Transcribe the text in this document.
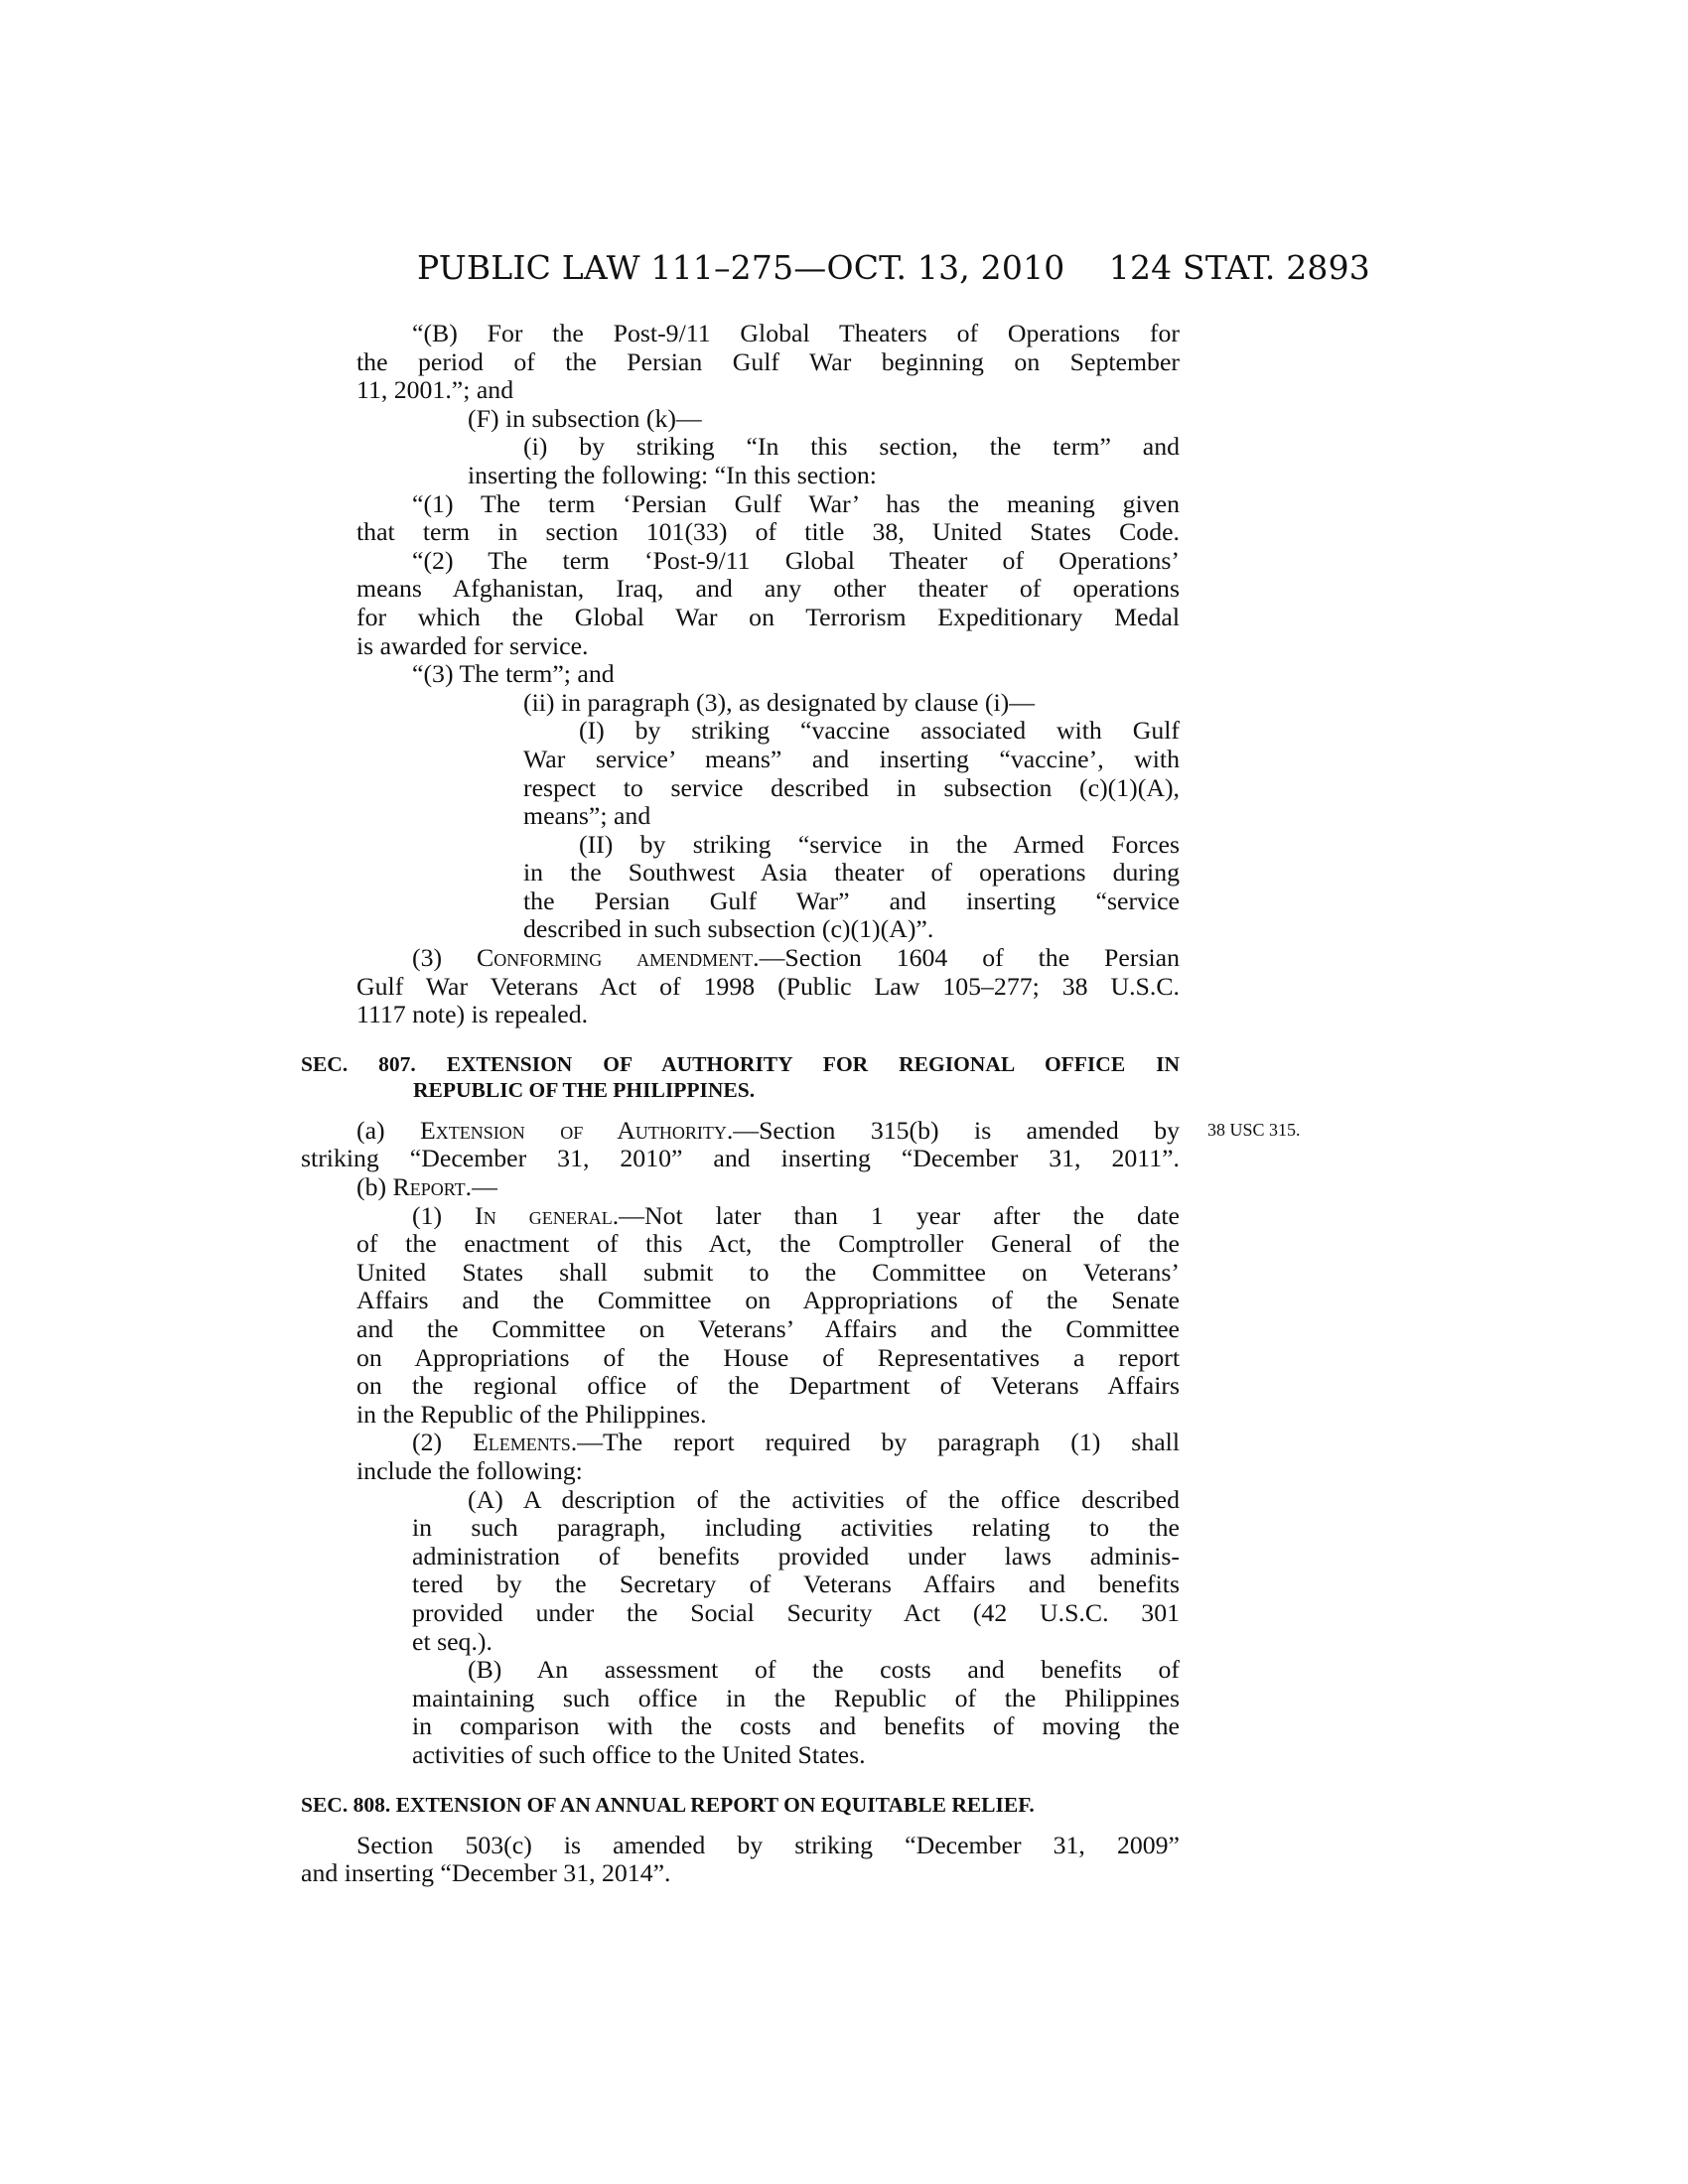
PUBLIC LAW 111–275—OCT. 13, 2010 124 STAT. 2893
38 USC 315.
“(B) For the Post-9/11 Global Theaters of Operations for
the period of the Persian Gulf War beginning on September
11, 2001.”; and
(F) in subsection (k)—
(i) by striking “In this section, the term” and
inserting the following: “In this section:
“(1) The term ‘Persian Gulf War’ has the meaning given
that term in section 101(33) of title 38, United States Code.
“(2) The term ‘Post-9/11 Global Theater of Operations’
means Afghanistan, Iraq, and any other theater of operations
for which the Global War on Terrorism Expeditionary Medal
is awarded for service.
“(3) The term”; and
(ii) in paragraph (3), as designated by clause (i)—
(I) by striking “vaccine associated with Gulf
War service’ means” and inserting “vaccine’, with
respect to service described in subsection (c)(1)(A),
means”; and
(II) by striking “service in the Armed Forces
in the Southwest Asia theater of operations during
the Persian Gulf War” and inserting “service
described in such subsection (c)(1)(A)”.
(3) Conforming amendment.—Section 1604 of the Persian
Gulf War Veterans Act of 1998 (Public Law 105–277; 38 U.S.C.
1117 note) is repealed.
SEC. 807. EXTENSION OF AUTHORITY FOR REGIONAL OFFICE IN
REPUBLIC OF THE PHILIPPINES.
(a) Extension of Authority.—Section 315(b) is amended by
striking “December 31, 2010” and inserting “December 31, 2011”.
(b) Report.—
(1) In general.—Not later than 1 year after the date
of the enactment of this Act, the Comptroller General of the
United States shall submit to the Committee on Veterans’
Affairs and the Committee on Appropriations of the Senate
and the Committee on Veterans’ Affairs and the Committee
on Appropriations of the House of Representatives a report
on the regional office of the Department of Veterans Affairs
in the Republic of the Philippines.
(2) Elements.—The report required by paragraph (1) shall
include the following:
(A) A description of the activities of the office described
in such paragraph, including activities relating to the
administration of benefits provided under laws adminis-
tered by the Secretary of Veterans Affairs and benefits
provided under the Social Security Act (42 U.S.C. 301
et seq.).
(B) An assessment of the costs and benefits of
maintaining such office in the Republic of the Philippines
in comparison with the costs and benefits of moving the
activities of such office to the United States.
SEC. 808. EXTENSION OF AN ANNUAL REPORT ON EQUITABLE RELIEF.
Section 503(c) is amended by striking “December 31, 2009”
and inserting “December 31, 2014”.
